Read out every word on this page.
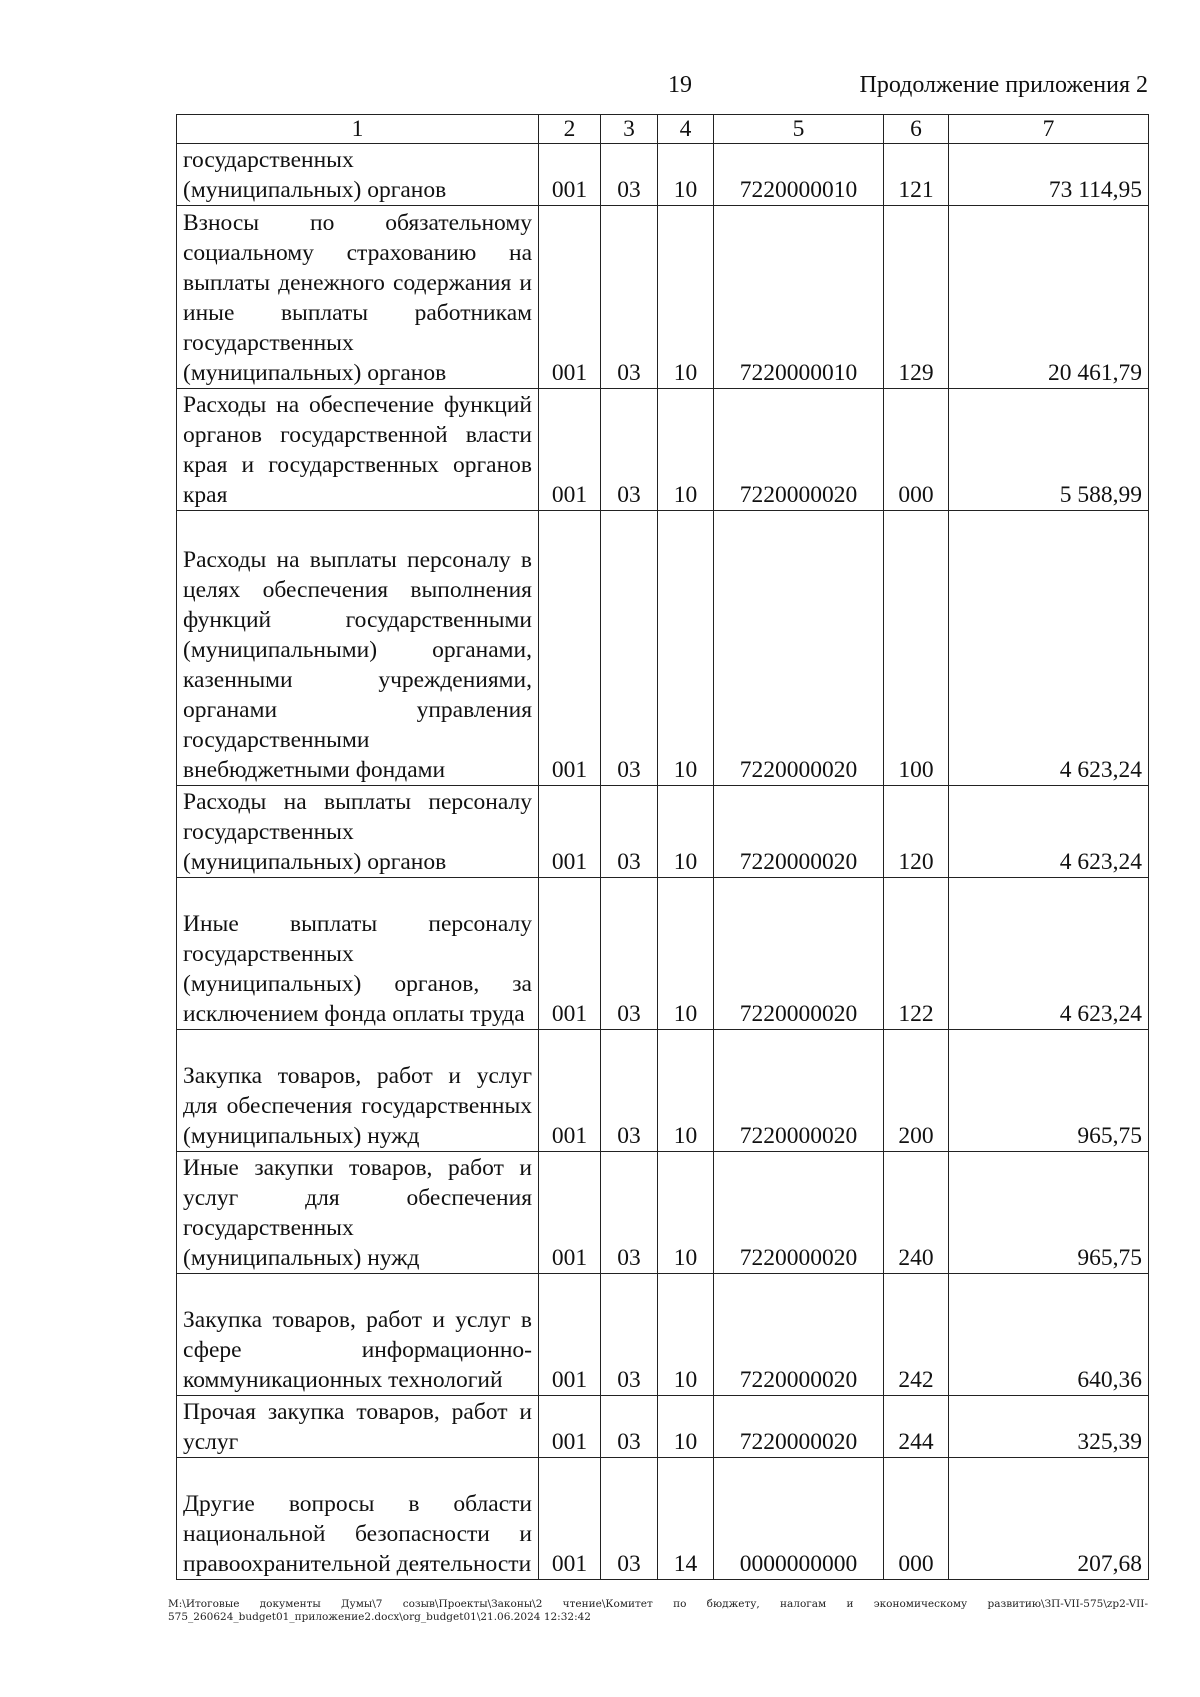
19	Продолжение приложения 2
1	2	3	4	5	6	7
государственных (муниципальных) органов	001	03	10	7220000010	121	73 114,95
Взносы по обязательному социальному страхованию на выплаты денежного содержания и иные выплаты работникам государственных (муниципальных) органов	001	03	10	7220000010	129	20 461,79
Расходы на обеспечение функций органов государственной власти края и государственных органов края	001	03	10	7220000020	000	5 588,99
Расходы на выплаты персоналу в целях обеспечения выполнения функций государственными (муниципальными) органами, казенными учреждениями, органами управления государственными внебюджетными фондами	001	03	10	7220000020	100	4 623,24
Расходы на выплаты персоналу государственных (муниципальных) органов	001	03	10	7220000020	120	4 623,24
Иные выплаты персоналу государственных (муниципальных) органов, за исключением фонда оплаты труда	001	03	10	7220000020	122	4 623,24
Закупка товаров, работ и услуг для обеспечения государственных (муниципальных) нужд	001	03	10	7220000020	200	965,75
Иные закупки товаров, работ и услуг для обеспечения государственных (муниципальных) нужд	001	03	10	7220000020	240	965,75
Закупка товаров, работ и услуг в сфере информационно-коммуникационных технологий	001	03	10	7220000020	242	640,36
Прочая закупка товаров, работ и услуг	001	03	10	7220000020	244	325,39
Другие вопросы в области национальной безопасности и правоохранительной деятельности	001	03	14	0000000000	000	207,68
M:\Итоговые документы Думы\7 созыв\Проекты\Законы\2 чтение\Комитет по бюджету, налогам и экономическому развитию\ЗП-VII-575\zp2-VII-575_260624_budget01_приложение2.docx\org_budget01\21.06.2024 12:32:42
